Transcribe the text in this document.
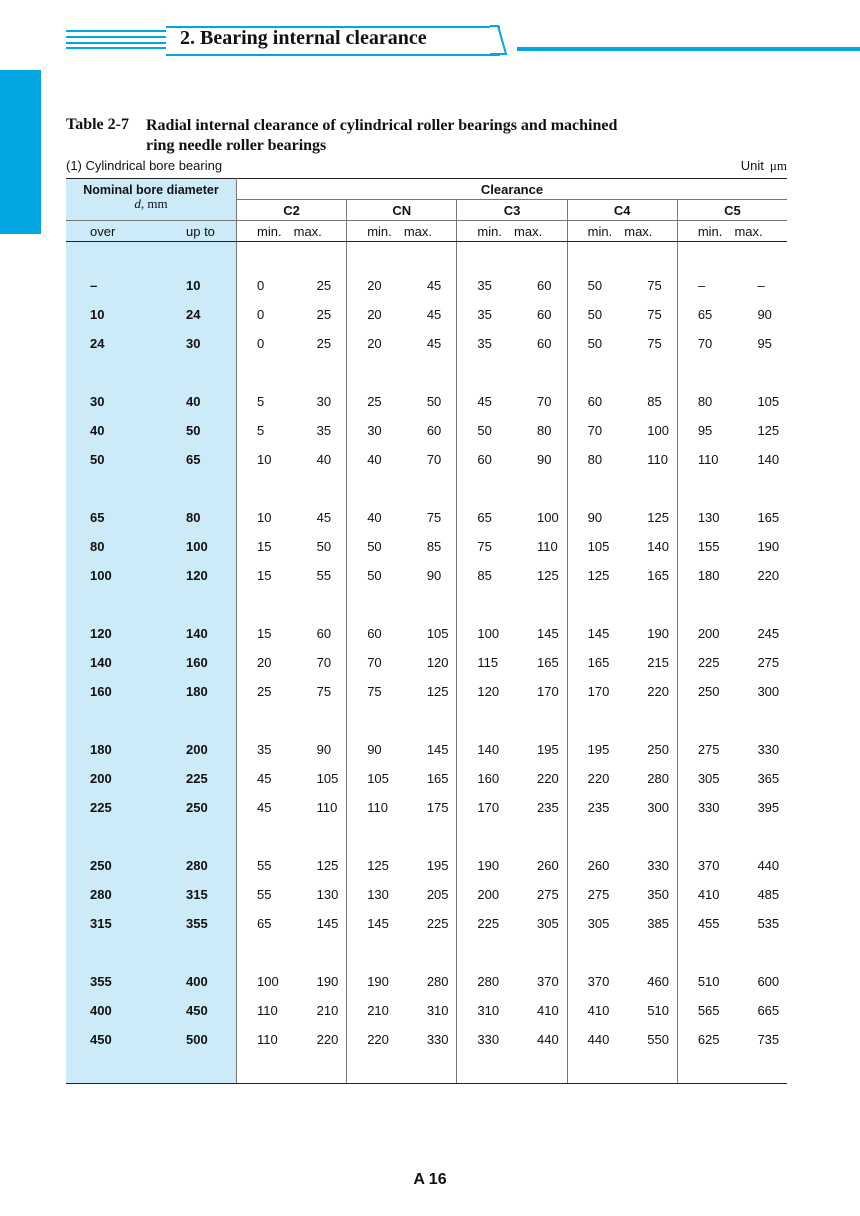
2. Bearing internal clearance
Table 2-7 Radial internal clearance of cylindrical roller bearings and machined ring needle roller bearings
(1) Cylindrical bore bearing	Unit μm
Nominal bore diameter
d, mm		Clearance									
		C2		CN		C3		C4		C5	
over	up to	min.	max.	min.	max.	min.	max.	min.	max.	min.	max.

–	10	0	25	20	45	35	60	50	75	–	–
10	24	0	25	20	45	35	60	50	75	65	90
24	30	0	25	20	45	35	60	50	75	70	95

30	40	5	30	25	50	45	70	60	85	80	105
40	50	5	35	30	60	50	80	70	100	95	125
50	65	10	40	40	70	60	90	80	110	110	140

65	80	10	45	40	75	65	100	90	125	130	165
80	100	15	50	50	85	75	110	105	140	155	190
100	120	15	55	50	90	85	125	125	165	180	220

120	140	15	60	60	105	100	145	145	190	200	245
140	160	20	70	70	120	115	165	165	215	225	275
160	180	25	75	75	125	120	170	170	220	250	300

180	200	35	90	90	145	140	195	195	250	275	330
200	225	45	105	105	165	160	220	220	280	305	365
225	250	45	110	110	175	170	235	235	300	330	395

250	280	55	125	125	195	190	260	260	330	370	440
280	315	55	130	130	205	200	275	275	350	410	485
315	355	65	145	145	225	225	305	305	385	455	535

355	400	100	190	190	280	280	370	370	460	510	600
400	450	110	210	210	310	310	410	410	510	565	665
450	500	110	220	220	330	330	440	440	550	625	735

A 16
